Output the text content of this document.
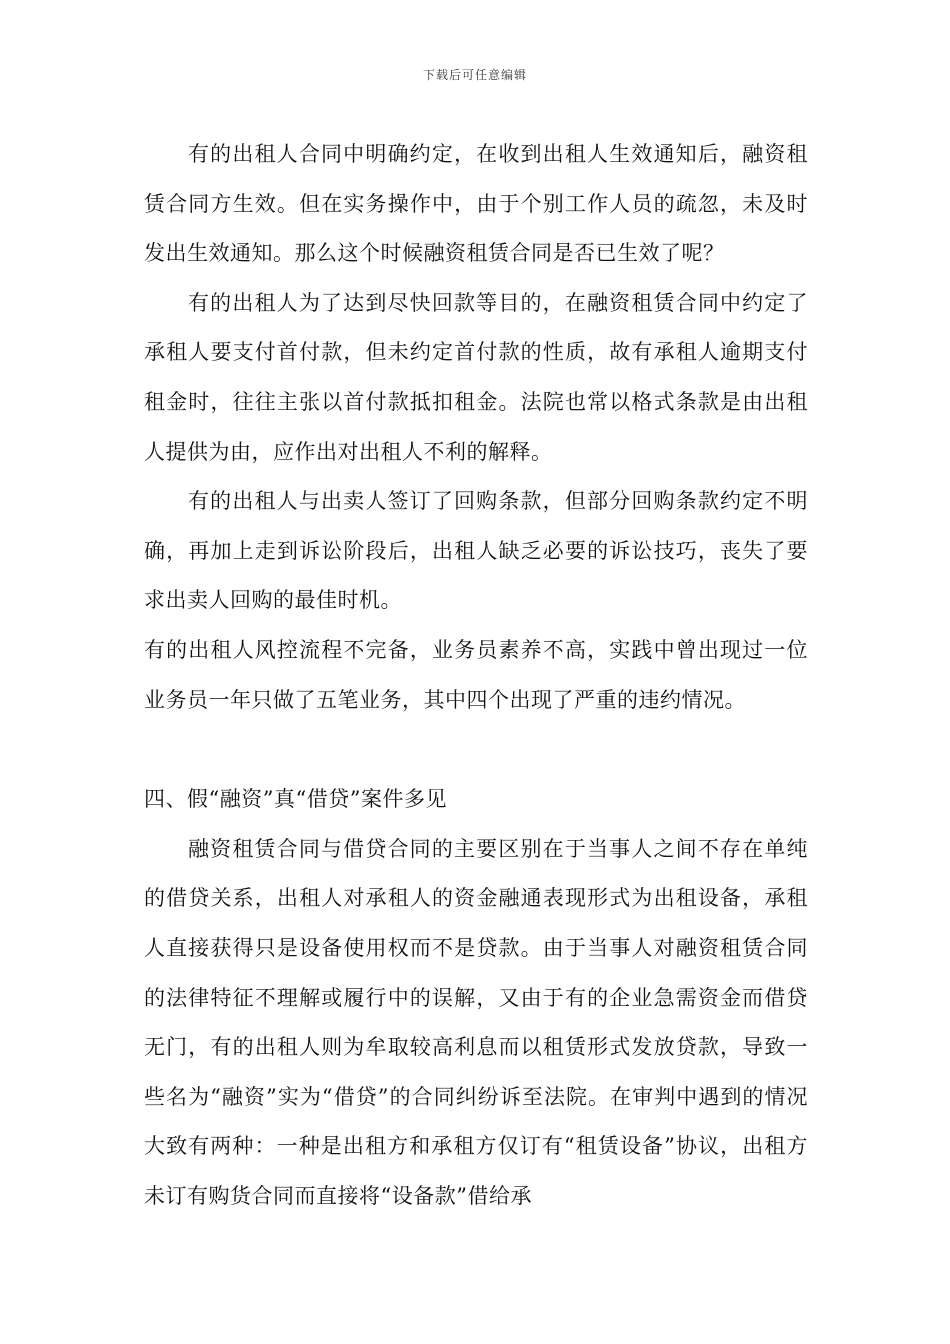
下载后可任意编辑

有的出租人合同中明确约定，在收到出租人生效通知后，融资租赁合同方生效。但在实务操作中，由于个别工作人员的疏忽，未及时发出生效通知。那么这个时候融资租赁合同是否已生效了呢？

有的出租人为了达到尽快回款等目的，在融资租赁合同中约定了承租人要支付首付款，但未约定首付款的性质，故有承租人逾期支付租金时，往往主张以首付款抵扣租金。法院也常以格式条款是由出租人提供为由，应作出对出租人不利的解释。

有的出租人与出卖人签订了回购条款，但部分回购条款约定不明确，再加上走到诉讼阶段后，出租人缺乏必要的诉讼技巧，丧失了要求出卖人回购的最佳时机。

有的出租人风控流程不完备，业务员素养不高，实践中曾出现过一位业务员一年只做了五笔业务，其中四个出现了严重的违约情况。

四、假“融资”真“借贷”案件多见

融资租赁合同与借贷合同的主要区别在于当事人之间不存在单纯的借贷关系，出租人对承租人的资金融通表现形式为出租设备，承租人直接获得只是设备使用权而不是贷款。由于当事人对融资租赁合同的法律特征不理解或履行中的误解，又由于有的企业急需资金而借贷无门，有的出租人则为牟取较高利息而以租赁形式发放贷款，导致一些名为“融资”实为“借贷”的合同纠纷诉至法院。在审判中遇到的情况大致有两种：一种是出租方和承租方仅订有“租赁设备”协议，出租方未订有购货合同而直接将“设备款”借给承
